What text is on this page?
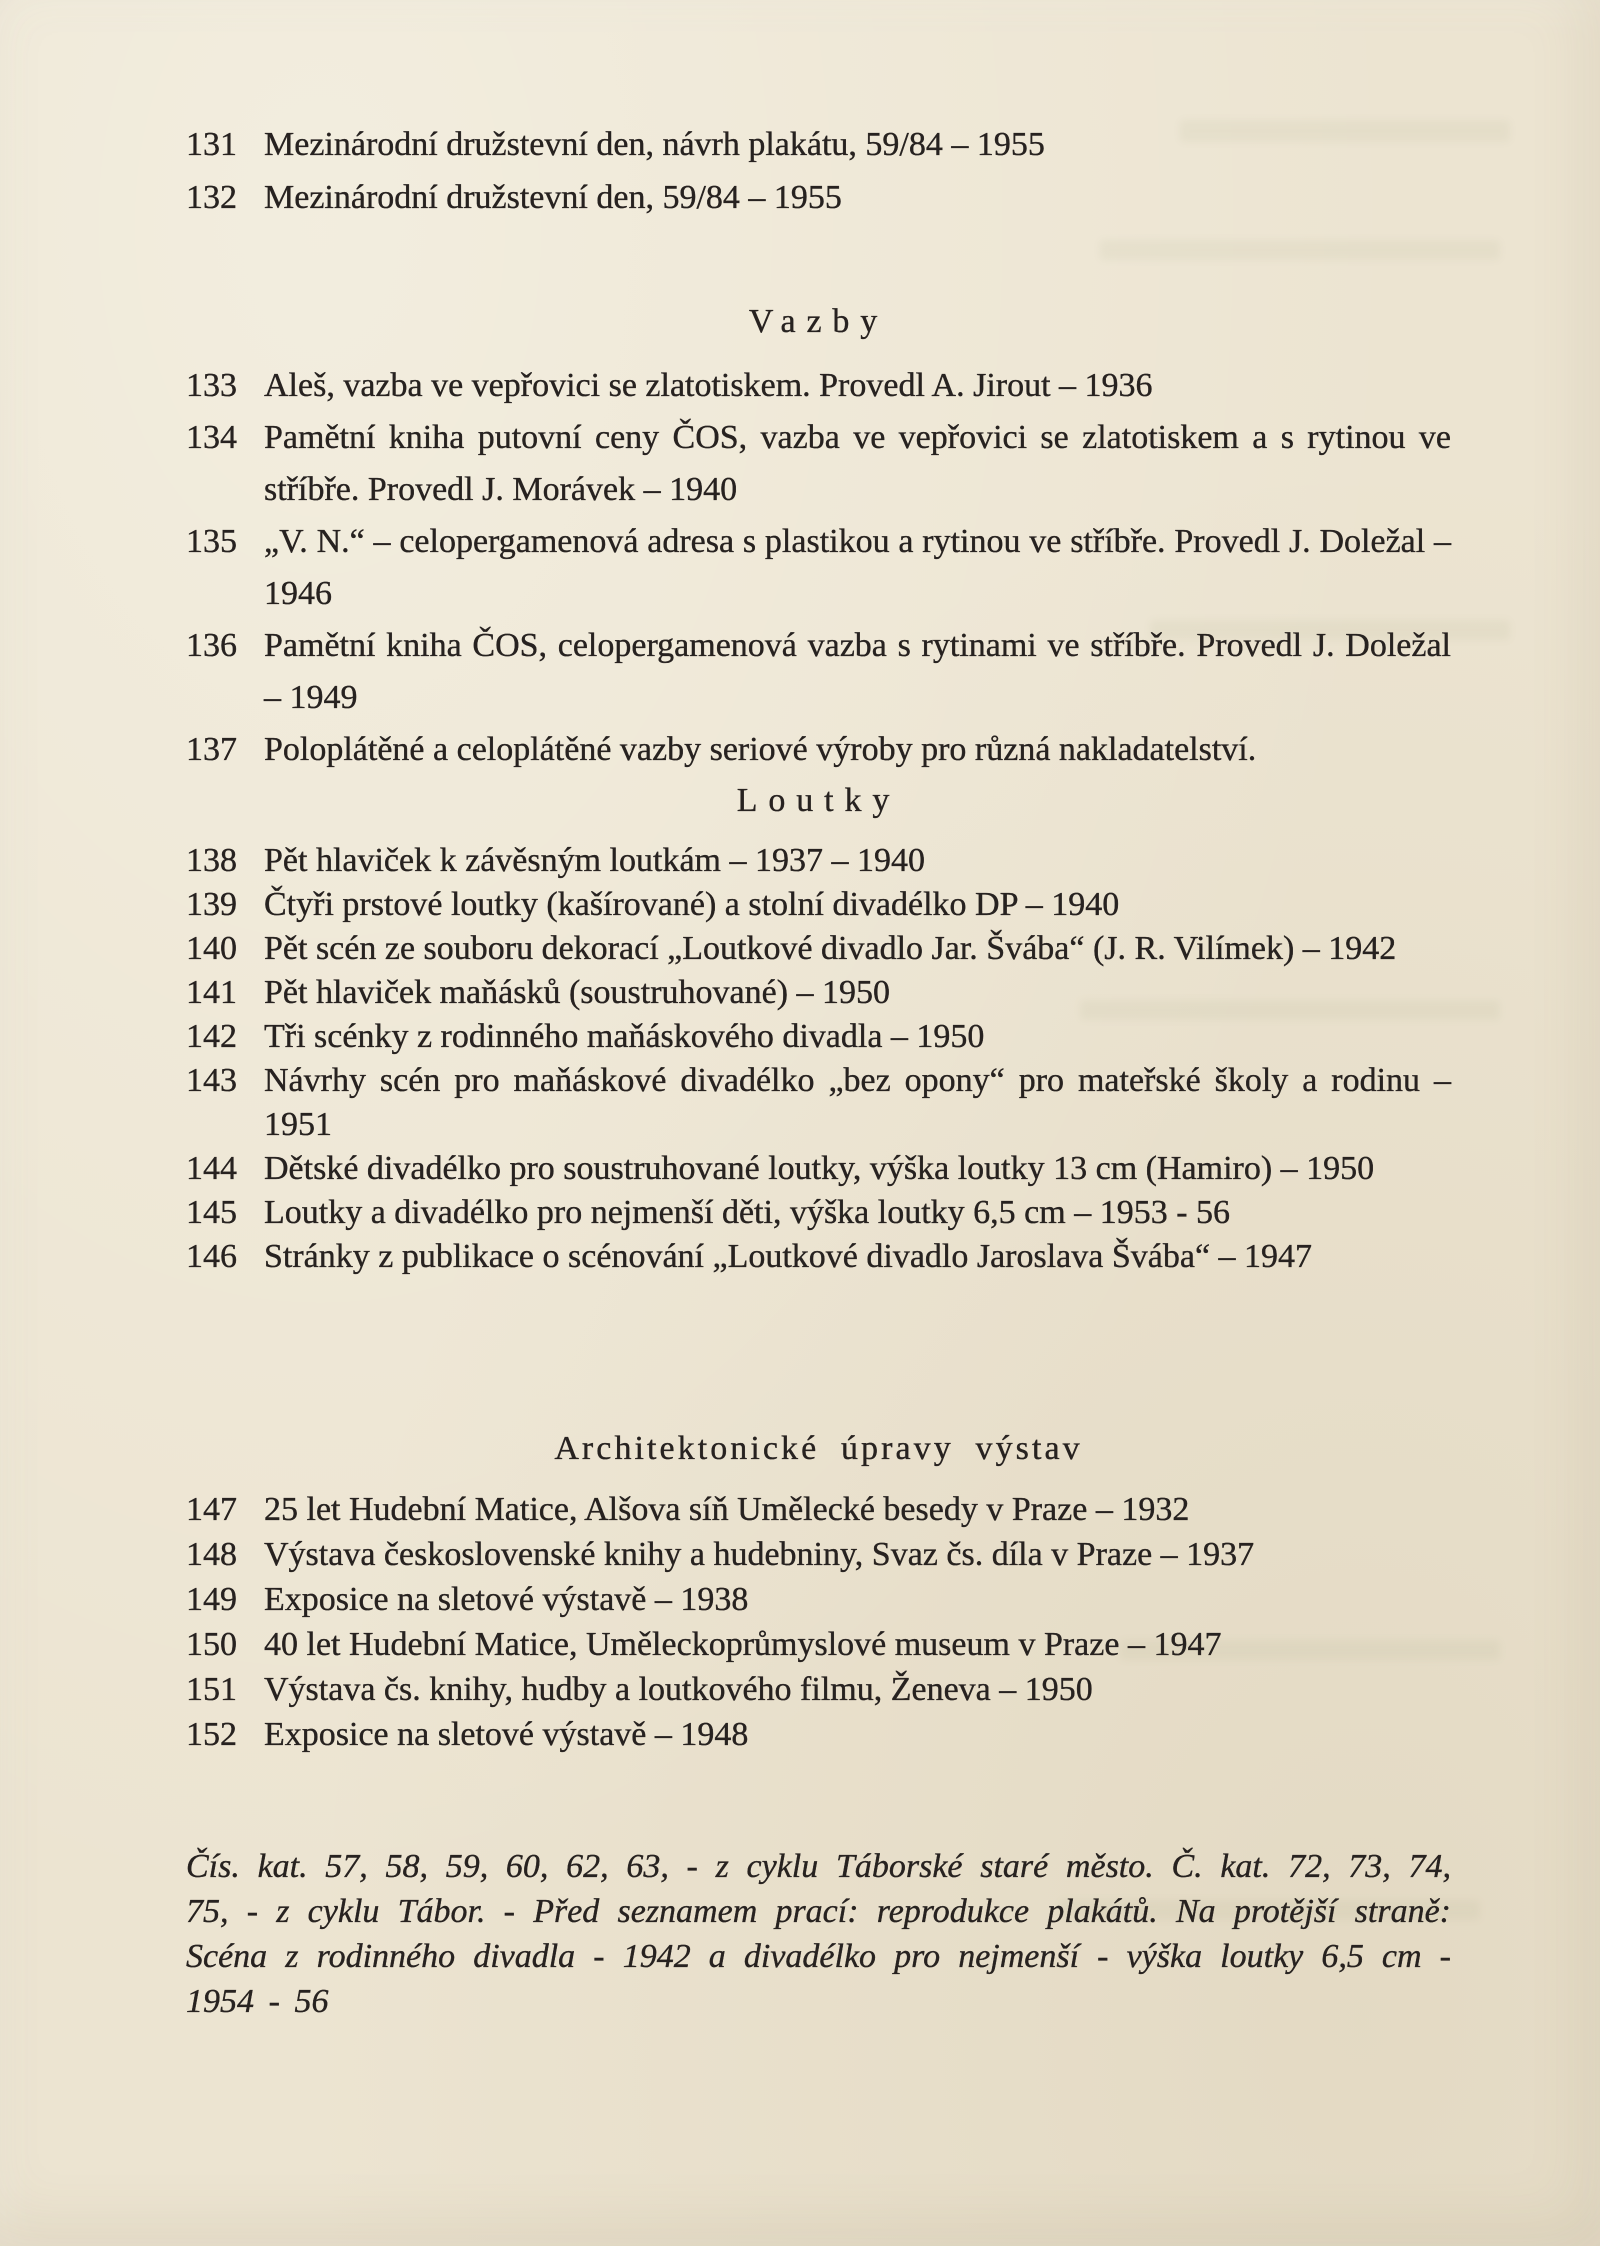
131 Mezinárodní družstevní den, návrh plakátu, 59/84 – 1955
132 Mezinárodní družstevní den, 59/84 – 1955
Vazby
133 Aleš, vazba ve vepřovici se zlatotiskem. Provedl A. Jirout – 1936
134 Pamětní kniha putovní ceny ČOS, vazba ve vepřovici se zlatotiskem a s rytinou ve stříbře. Provedl J. Morávek – 1940
135 „V. N.“ – celopergamenová adresa s plastikou a rytinou ve stříbře. Provedl J. Doležal – 1946
136 Pamětní kniha ČOS, celopergamenová vazba s rytinami ve stříbře. Provedl J. Doležal – 1949
137 Poloplátěné a celoplátěné vazby seriové výroby pro různá nakladatelství.
Loutky
138 Pět hlaviček k závěsným loutkám – 1937 – 1940
139 Čtyři prstové loutky (kašírované) a stolní divadélko DP – 1940
140 Pět scén ze souboru dekorací „Loutkové divadlo Jar. Švába“ (J. R. Vilímek) – 1942
141 Pět hlaviček maňásků (soustruhované) – 1950
142 Tři scénky z rodinného maňáskového divadla – 1950
143 Návrhy scén pro maňáskové divadélko „bez opony“ pro mateřské školy a rodinu – 1951
144 Dětské divadélko pro soustruhované loutky, výška loutky 13 cm (Hamiro) – 1950
145 Loutky a divadélko pro nejmenší děti, výška loutky 6,5 cm – 1953 - 56
146 Stránky z publikace o scénování „Loutkové divadlo Jaroslava Švába“ – 1947
Architektonické úpravy výstav
147 25 let Hudební Matice, Alšova síň Umělecké besedy v Praze – 1932
148 Výstava československé knihy a hudebniny, Svaz čs. díla v Praze – 1937
149 Exposice na sletové výstavě – 1938
150 40 let Hudební Matice, Uměleckoprůmyslové museum v Praze – 1947
151 Výstava čs. knihy, hudby a loutkového filmu, Ženeva – 1950
152 Exposice na sletové výstavě – 1948

Čís. kat. 57, 58, 59, 60, 62, 63, - z cyklu Táborské staré město. Č. kat. 72, 73, 74, 75, - z cyklu Tábor. - Před seznamem prací: reprodukce plakátů. Na protější straně: Scéna z rodinného divadla - 1942 a divadélko pro nejmenší - výška loutky 6,5 cm - 1954 - 56
